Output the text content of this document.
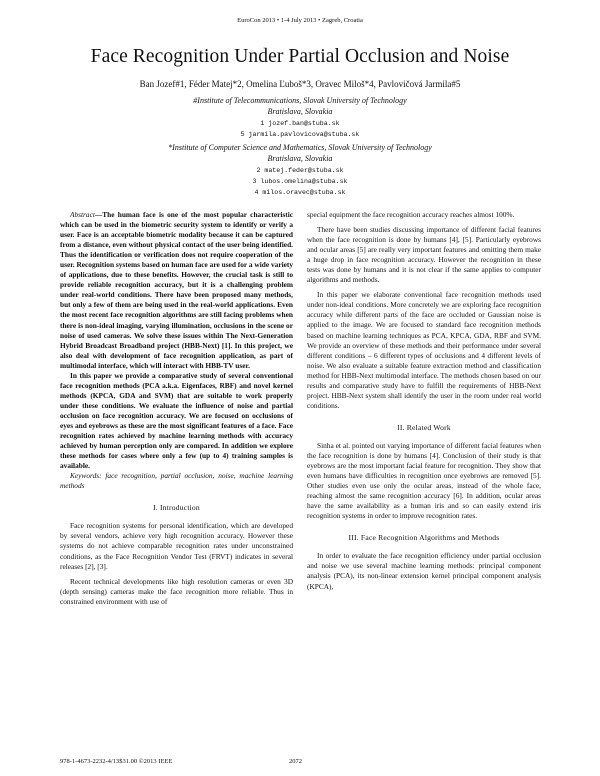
EuroCon 2013 • 1-4 July 2013 • Zagreb, Croatia
Face Recognition Under Partial Occlusion and Noise
Ban Jozef#1, Féder Matej*2, Omelina Ľuboš*3, Oravec Miloš*4, Pavlovičová Jarmila#5
#Institute of Telecommunications, Slovak University of Technology
Bratislava, Slovakia
1 jozef.ban@stuba.sk
5 jarmila.pavlovicova@stuba.sk
*Institute of Computer Science and Mathematics, Slovak University of Technology
Bratislava, Slovakia
2 matej.feder@stuba.sk
3 lubos.omelina@stuba.sk
4 milos.oravec@stuba.sk

Abstract—The human face is one of the most popular characteristic which can be used in the biometric security system to identify or verify a user. Face is an acceptable biometric modality because it can be captured from a distance, even without physical contact of the user being identified. Thus the identification or verification does not require cooperation of the user. Recognition systems based on human face are used for a wide variety of applications, due to these benefits. However, the crucial task is still to provide reliable recognition accuracy, but it is a challenging problem under real-world conditions. There have been proposed many methods, but only a few of them are being used in the real-world applications. Even the most recent face recognition algorithms are still facing problems when there is non-ideal imaging, varying illumination, occlusions in the scene or noise of used cameras. We solve these issues within The Next-Generation Hybrid Broadcast Broadband project (HBB-Next) [1]. In this project, we also deal with development of face recognition application, as part of multimodal interface, which will interact with HBB-TV user.

In this paper we provide a comparative study of several conventional face recognition methods (PCA a.k.a. Eigenfaces, RBF) and novel kernel methods (KPCA, GDA and SVM) that are suitable to work properly under these conditions. We evaluate the influence of noise and partial occlusion on face recognition accuracy. We are focused on occlusions of eyes and eyebrows as these are the most significant features of a face. Face recognition rates achieved by machine learning methods with accuracy achieved by human perception only are compared. In addition we explore these methods for cases where only a few (up to 4) training samples is available.

Keywords: face recognition, partial occlusion, noise, machine learning methods

I. Introduction

Face recognition systems for personal identification, which are developed by several vendors, achieve very high recognition accuracy. However these systems do not achieve comparable recognition rates under unconstrained conditions, as the Face Recognition Vendor Test (FRVT) indicates in several releases [2], [3].

Recent technical developments like high resolution cameras or even 3D (depth sensing) cameras make the face recognition more reliable. Thus in constrained environment with use of

special equipment the face recognition accuracy reaches almost 100%.

There have been studies discussing importance of different facial features when the face recognition is done by humans [4], [5]. Particularly eyebrows and ocular areas [5] are really very important features and omitting them make a huge drop in face recognition accuracy. However the recognition in these tests was done by humans and it is not clear if the same applies to computer algorithms and methods.

In this paper we elaborate conventional face recognition methods used under non-ideal conditions. More concretely we are exploring face recognition accuracy while different parts of the face are occluded or Gaussian noise is applied to the image. We are focused to standard face recognition methods based on machine learning techniques as PCA, KPCA, GDA, RBF and SVM. We provide an overview of these methods and their performance under several different conditions – 6 different types of occlusions and 4 different levels of noise. We also evaluate a suitable feature extraction method and classification method for HBB-Next multimodal interface. The methods chosen based on our results and comparative study have to fulfill the requirements of HBB-Next project. HBB-Next system shall identify the user in the room under real world conditions.

II. Related Work

Sinha et al. pointed out varying importance of different facial features when the face recognition is done by humans [4]. Conclusion of their study is that eyebrows are the most important facial feature for recognition. They show that even humans have difficulties in recognition once eyebrows are removed [5]. Other studies even use only the ocular areas, instead of the whole face, reaching almost the same recognition accuracy [6]. In addition, ocular areas have the same availability as a human iris and so can easily extend iris recognition systems in order to improve recognition rates.

III. Face Recognition Algorithms and Methods

In order to evaluate the face recognition efficiency under partial occlusion and noise we use several machine learning methods: principal component analysis (PCA), its non-linear extension kernel principal component analysis (KPCA),

978-1-4673-2232-4/13$31.00 ©2013 IEEE	2072
